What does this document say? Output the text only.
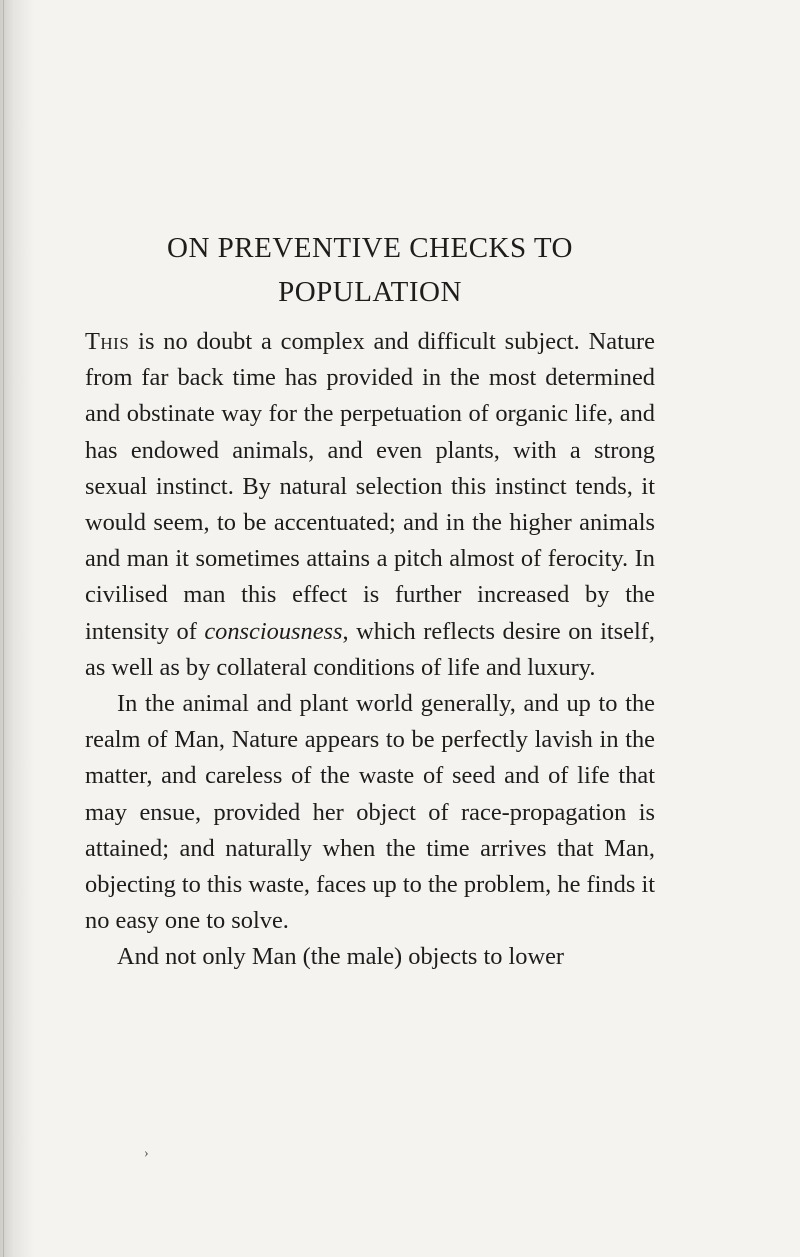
ON PREVENTIVE CHECKS TO
POPULATION

This is no doubt a complex and difficult subject. Nature from far back time has provided in the most determined and obstinate way for the perpetuation of organic life, and has endowed animals, and even plants, with a strong sexual instinct. By natural selection this instinct tends, it would seem, to be accentuated; and in the higher animals and man it sometimes attains a pitch almost of ferocity. In civilised man this effect is further increased by the intensity of consciousness, which reflects desire on itself, as well as by collateral conditions of life and luxury.

In the animal and plant world generally, and up to the realm of Man, Nature appears to be perfectly lavish in the matter, and careless of the waste of seed and of life that may ensue, provided her object of race-propagation is attained; and naturally when the time arrives that Man, objecting to this waste, faces up to the problem, he finds it no easy one to solve.

And not only Man (the male) objects to lower

›
